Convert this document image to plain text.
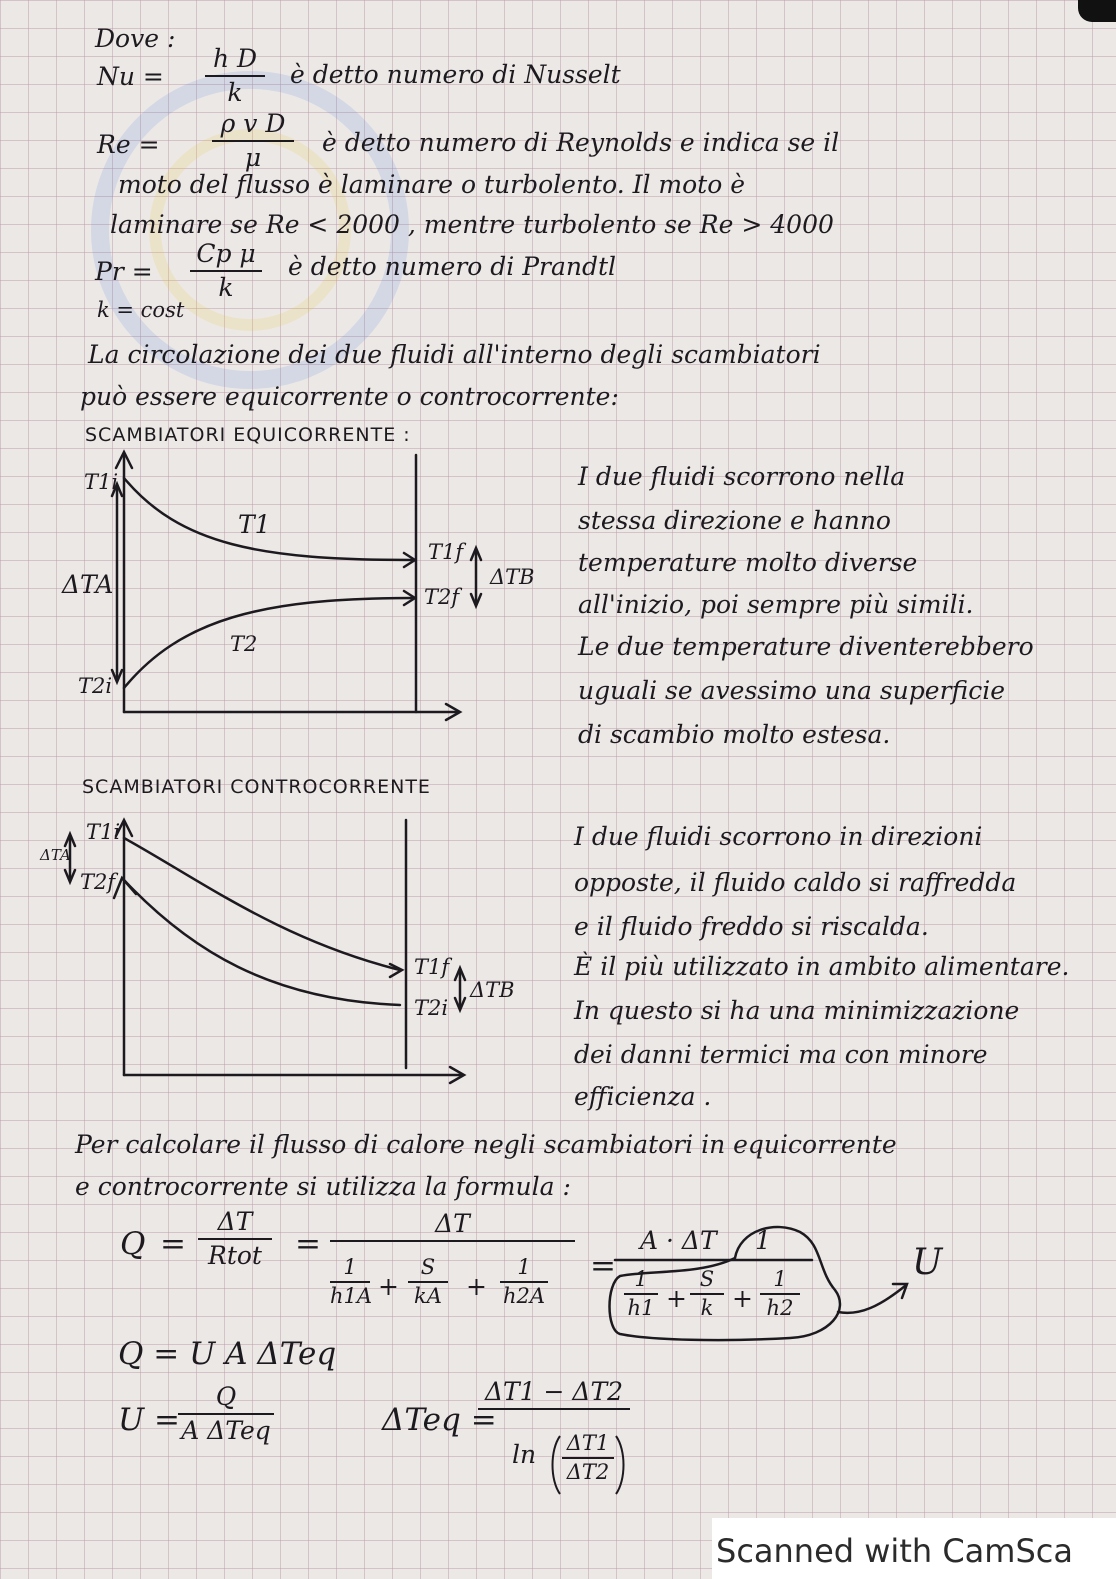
Dove :
Nu =
h D
k
è detto numero di Nusselt
Re =
ρ v D
μ	è detto numero di Reynolds e indica se il
moto del flusso è laminare o turbolento. Il moto è
laminare se Re < 2000 , mentre turbolento se Re > 4000
Pr =
Cp μ
k
è detto numero di Prandtl
k = cost
La circolazione dei due fluidi all'interno degli scambiatori
può essere equicorrente o controcorrente:
SCAMBIATORI EQUICORRENTE :
T1i
T2i
T1f
T2f
T1
T2
ΔTA	ΔTB
I due fluidi scorrono nella
stessa direzione e hanno
temperature molto diverse
all'inizio, poi sempre più simili.
Le due temperature diventerebbero
uguali se avessimo una superficie
di scambio molto estesa.
SCAMBIATORI CONTROCORRENTE
T1i
T2f
T1f
T2i
ΔTA
ΔTB
I due fluidi scorrono in direzioni
opposte, il fluido caldo si raffredda
e il fluido freddo si riscalda.
È il più utilizzato in ambito alimentare.
In questo si ha una minimizzazione
dei danni termici ma con minore
efficienza .
Per calcolare il flusso di calore negli scambiatori in equicorrente
e controcorrente si utilizza la formula :
Q =
ΔT
Rtot	=
ΔT
1
h1A +
S
kA +
1
h2A
=
A · ΔT 1
1
h1 +
S
k +
1
h2
U
Q = U A ΔTeq
U =
Q
A ΔTeq	ΔTeq =
ΔT1 − ΔT2
ln ΔT1
ΔT2
Scanned with CamSca
